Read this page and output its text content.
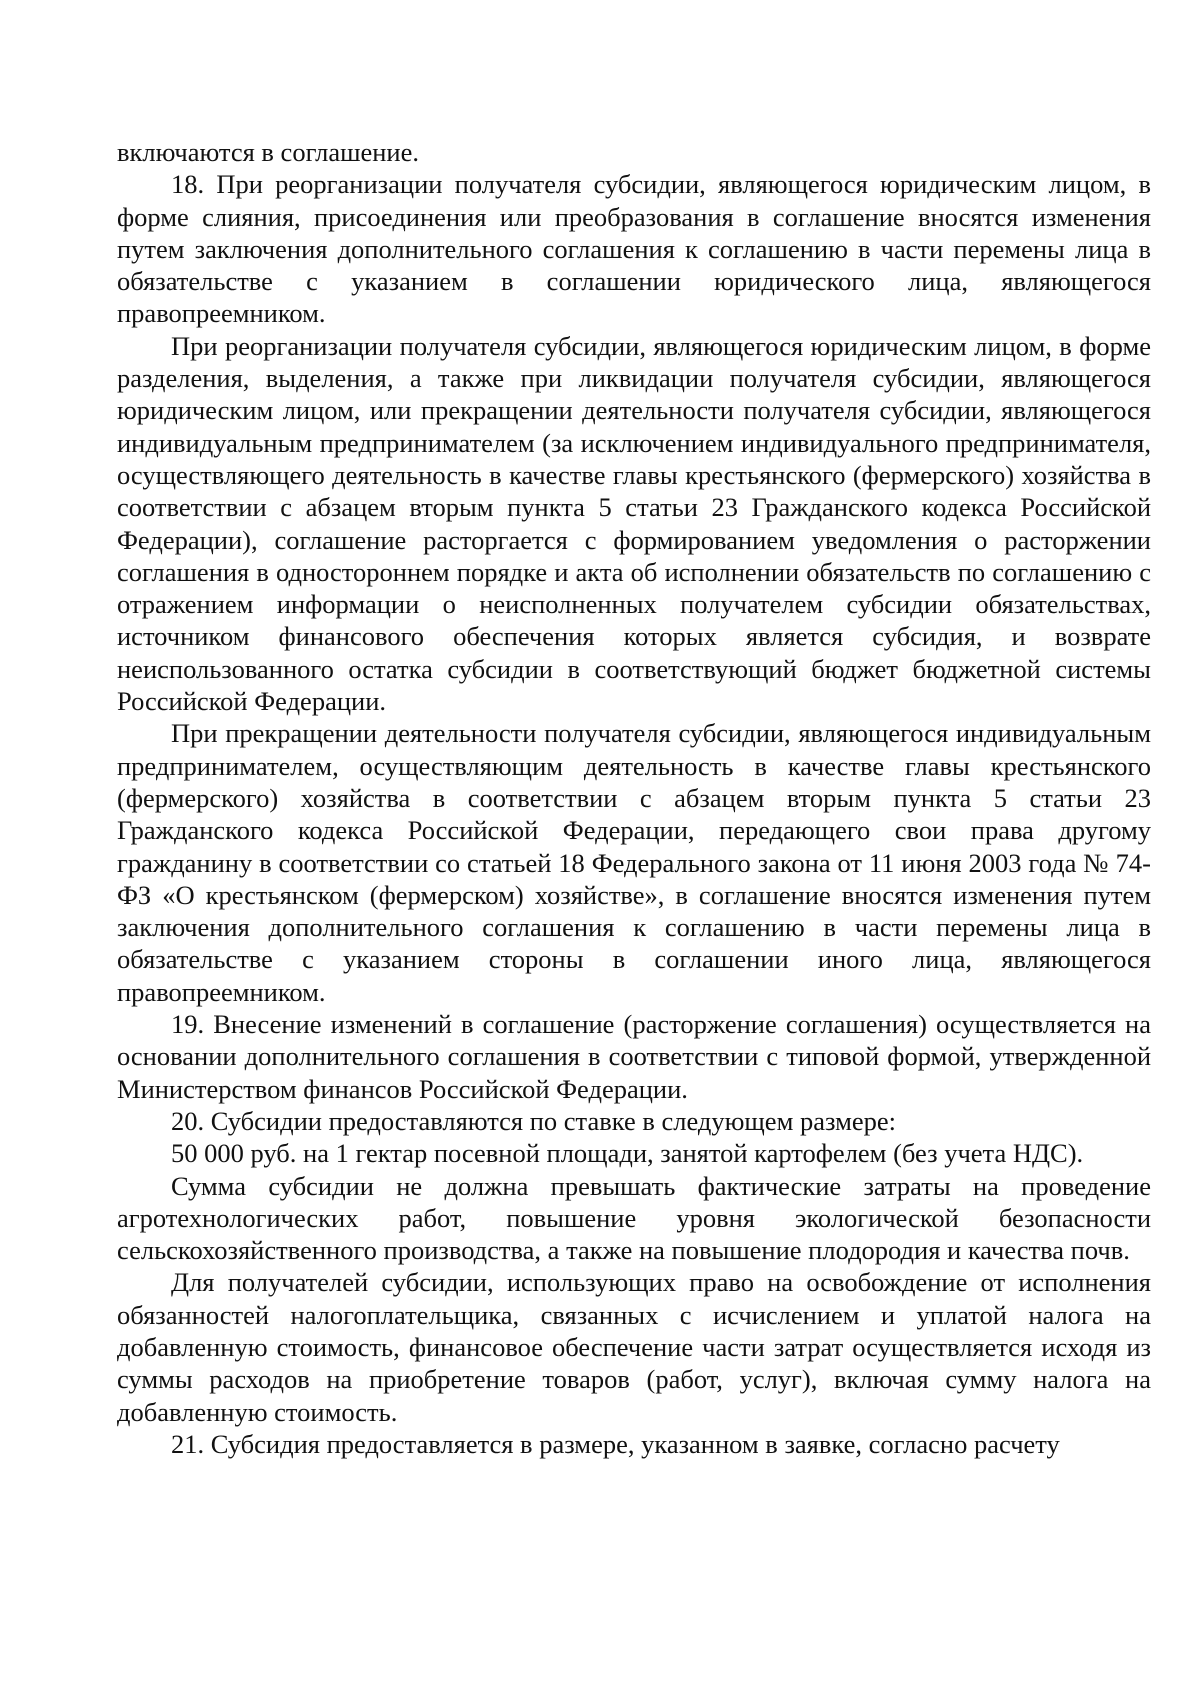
включаются в соглашение.

18. При реорганизации получателя субсидии, являющегося юридическим лицом, в форме слияния, присоединения или преобразования в соглашение вносятся изменения путем заключения дополнительного соглашения к соглашению в части перемены лица в обязательстве с указанием в соглашении юридического лица, являющегося правопреемником.

При реорганизации получателя субсидии, являющегося юридическим лицом, в форме разделения, выделения, а также при ликвидации получателя субсидии, являющегося юридическим лицом, или прекращении деятельности получателя субсидии, являющегося индивидуальным предпринимателем (за исключением индивидуального предпринимателя, осуществляющего деятельность в качестве главы крестьянского (фермерского) хозяйства в соответствии с абзацем вторым пункта 5 статьи 23 Гражданского кодекса Российской Федерации), соглашение расторгается с формированием уведомления о расторжении соглашения в одностороннем порядке и акта об исполнении обязательств по соглашению с отражением информации о неисполненных получателем субсидии обязательствах, источником финансового обеспечения которых является субсидия, и возврате неиспользованного остатка субсидии в соответствующий бюджет бюджетной системы Российской Федерации.

При прекращении деятельности получателя субсидии, являющегося индивидуальным предпринимателем, осуществляющим деятельность в качестве главы крестьянского (фермерского) хозяйства в соответствии с абзацем вторым пункта 5 статьи 23 Гражданского кодекса Российской Федерации, передающего свои права другому гражданину в соответствии со статьей 18 Федерального закона от 11 июня 2003 года № 74-ФЗ «О крестьянском (фермерском) хозяйстве», в соглашение вносятся изменения путем заключения дополнительного соглашения к соглашению в части перемены лица в обязательстве с указанием стороны в соглашении иного лица, являющегося правопреемником.

19. Внесение изменений в соглашение (расторжение соглашения) осуществляется на основании дополнительного соглашения в соответствии с типовой формой, утвержденной Министерством финансов Российской Федерации.

20. Субсидии предоставляются по ставке в следующем размере:

50 000 руб. на 1 гектар посевной площади, занятой картофелем (без учета НДС).

Сумма субсидии не должна превышать фактические затраты на проведение агротехнологических работ, повышение уровня экологической безопасности сельскохозяйственного производства, а также на повышение плодородия и качества почв.

Для получателей субсидии, использующих право на освобождение от исполнения обязанностей налогоплательщика, связанных с исчислением и уплатой налога на добавленную стоимость, финансовое обеспечение части затрат осуществляется исходя из суммы расходов на приобретение товаров (работ, услуг), включая сумму налога на добавленную стоимость.

21. Субсидия предоставляется в размере, указанном в заявке, согласно расчету
